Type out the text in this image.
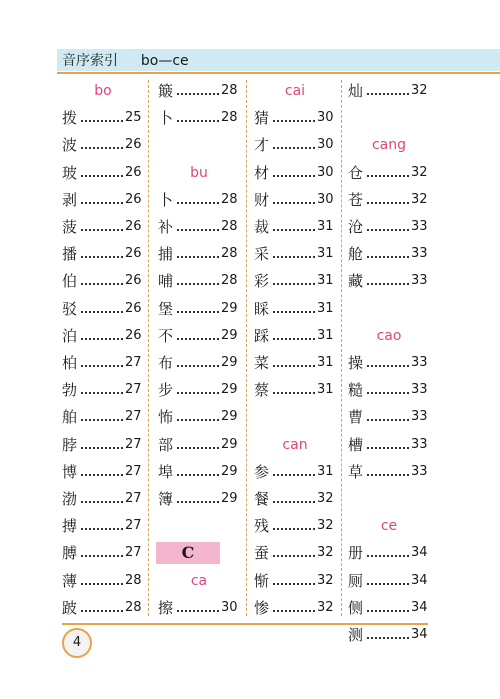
音序索引 bo—ce
bo
拨	25
波	26
玻	26
剥	26
菠	26
播	26
伯	26
驳	26
泊	26
柏	27
勃	27
舶	27
脖	27
博	27
渤	27
搏	27
膊	27
薄	28
跛	28
簸	28
卜	28
bu
卜	28
补	28
捕	28
哺	28
堡	29
不	29
布	29
步	29
怖	29
部	29
埠	29
簿	29
C
ca
擦	30
cai
猜	30
才	30
材	30
财	30
裁	31
采	31
彩	31
睬	31
踩	31
菜	31
蔡	31
can
参	31
餐	32
残	32
蚕	32
惭	32
惨	32
灿	32
cang
仓	32
苍	32
沧	33
舱	33
藏	33
cao
操	33
糙	33
曹	33
槽	33
草	33
ce
册	34
厕	34
侧	34
测	34
4
